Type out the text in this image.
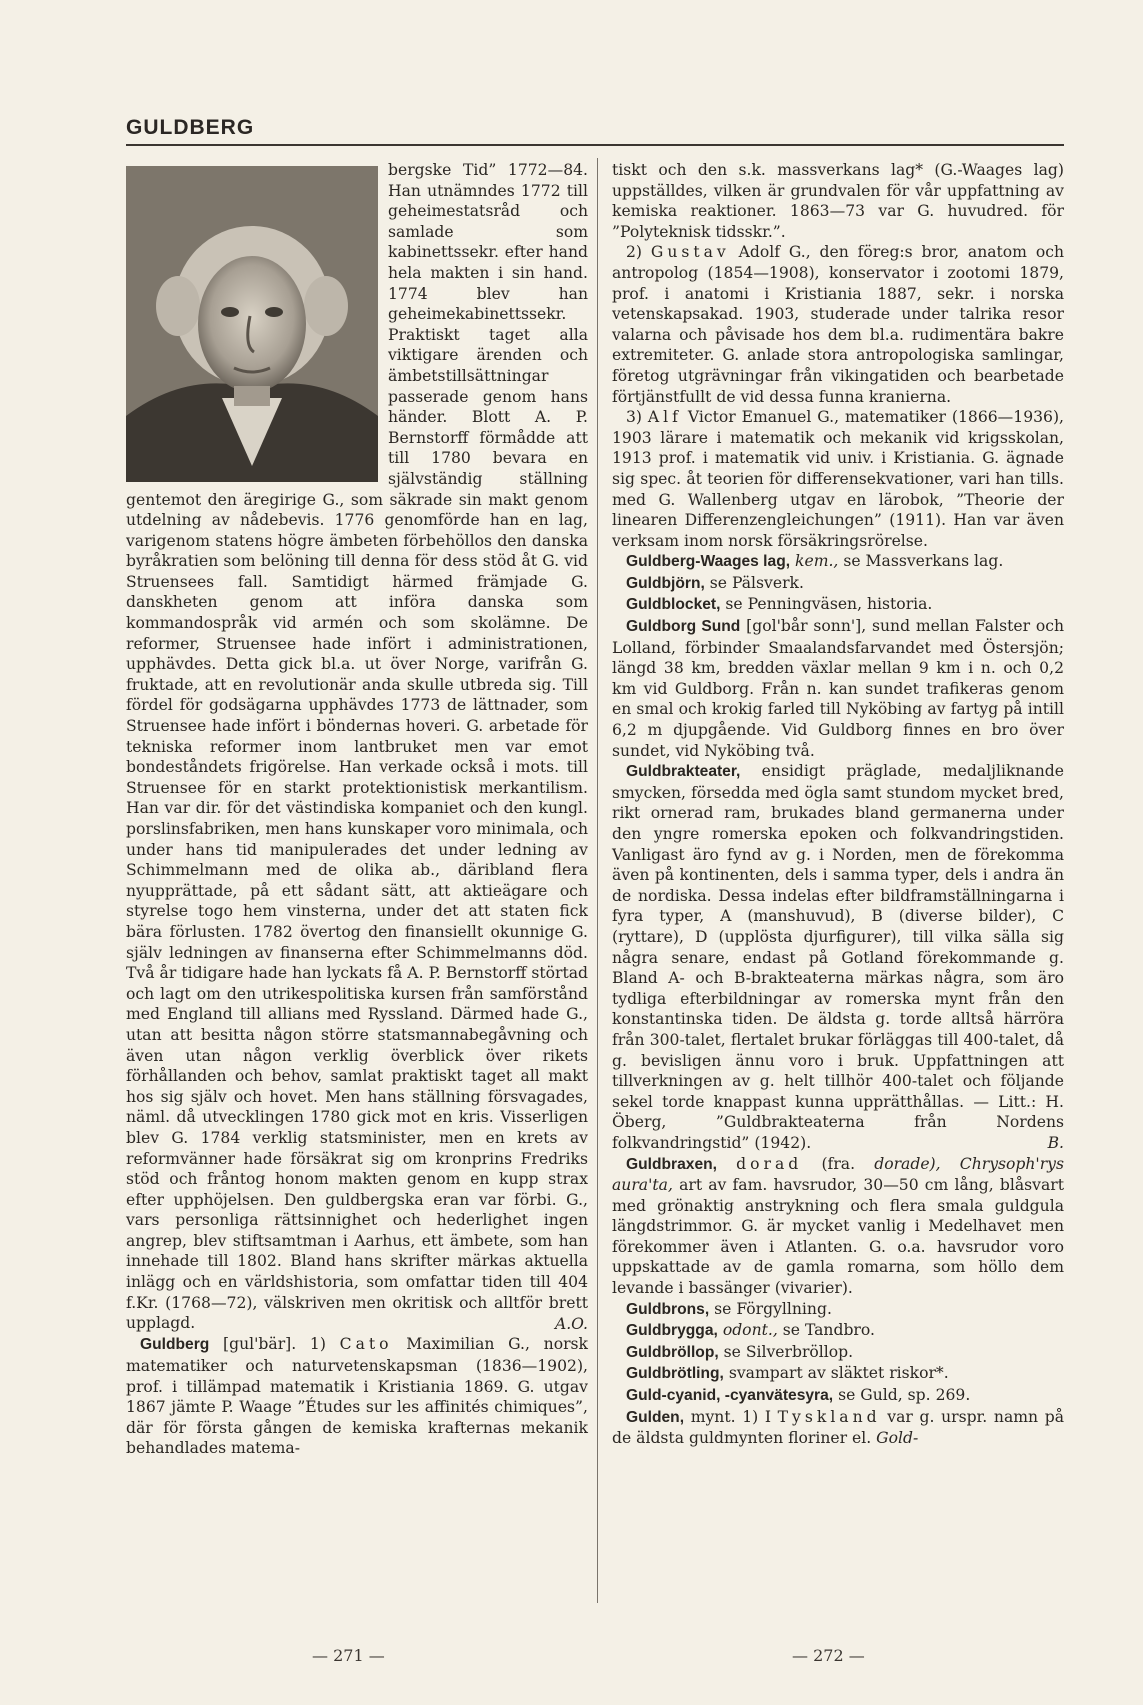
GULDBERG

bergske Tid” 1772—84. Han utnämndes 1772 till geheimestatsråd och samlade som kabinettssekr. efter hand hela makten i sin hand. 1774 blev han geheimekabinettssekr. Praktiskt taget alla viktigare ärenden och ämbetstillsättningar passerade genom hans händer. Blott A. P. Bernstorff förmådde att till 1780 bevara en självständig ställning gentemot den äregirige G., som säkrade sin makt genom utdelning av nådebevis. 1776 genomförde han en lag, varigenom statens högre ämbeten förbehöllos den danska byråkratien som belöning till denna för dess stöd åt G. vid Struensees fall. Samtidigt härmed främjade G. danskheten genom att införa danska som kommandospråk vid armén och som skolämne. De reformer, Struensee hade infört i administrationen, upphävdes. Detta gick bl.a. ut över Norge, varifrån G. fruktade, att en revolutionär anda skulle utbreda sig. Till fördel för godsägarna upphävdes 1773 de lättnader, som Struensee hade infört i böndernas hoveri. G. arbetade för tekniska reformer inom lantbruket men var emot bondeståndets frigörelse. Han verkade också i mots. till Struensee för en starkt protektionistisk merkantilism. Han var dir. för det västindiska kompaniet och den kungl. porslinsfabriken, men hans kunskaper voro minimala, och under hans tid manipulerades det under ledning av Schimmelmann med de olika ab., däribland flera nyupprättade, på ett sådant sätt, att aktieägare och styrelse togo hem vinsterna, under det att staten fick bära förlusten. 1782 övertog den finansiellt okunnige G. själv ledningen av finanserna efter Schimmelmanns död. Två år tidigare hade han lyckats få A. P. Bernstorff störtad och lagt om den utrikespolitiska kursen från samförstånd med England till allians med Ryssland. Därmed hade G., utan att besitta någon större statsmannabegåvning och även utan någon verklig överblick över rikets förhållanden och behov, samlat praktiskt taget all makt hos sig själv och hovet. Men hans ställning försvagades, näml. då utvecklingen 1780 gick mot en kris. Visserligen blev G. 1784 verklig statsminister, men en krets av reformvänner hade försäkrat sig om kronprins Fredriks stöd och fråntog honom makten genom en kupp strax efter upphöjelsen. Den guldbergska eran var förbi. G., vars personliga rättsinnighet och hederlighet ingen angrep, blev stiftsamtman i Aarhus, ett ämbete, som han innehade till 1802. Bland hans skrifter märkas aktuella inlägg och en världshistoria, som omfattar tiden till 404 f.Kr. (1768—72), välskriven men okritisk och alltför brett upplagd.	A.O.

Guldberg [gul'bär]. 1) Cato Maximilian G., norsk matematiker och naturvetenskapsman (1836—1902), prof. i tillämpad matematik i Kristiania 1869. G. utgav 1867 jämte P. Waage ”Études sur les affinités chimiques”, där för första gången de kemiska krafternas mekanik behandlades matema-

tiskt och den s.k. massverkans lag* (G.-Waages lag) uppställdes, vilken är grundvalen för vår uppfattning av kemiska reaktioner. 1863—73 var G. huvudred. för ”Polyteknisk tidsskr.”.

2) Gustav Adolf G., den föreg:s bror, anatom och antropolog (1854—1908), konservator i zootomi 1879, prof. i anatomi i Kristiania 1887, sekr. i norska vetenskapsakad. 1903, studerade under talrika resor valarna och påvisade hos dem bl.a. rudimentära bakre extremiteter. G. anlade stora antropologiska samlingar, företog utgrävningar från vikingatiden och bearbetade förtjänstfullt de vid dessa funna kranierna.

3) Alf Victor Emanuel G., matematiker (1866—1936), 1903 lärare i matematik och mekanik vid krigsskolan, 1913 prof. i matematik vid univ. i Kristiania. G. ägnade sig spec. åt teorien för differensekvationer, vari han tills. med G. Wallenberg utgav en lärobok, ”Theorie der linearen Differenzengleichungen” (1911). Han var även verksam inom norsk försäkringsrörelse.

Guldberg-Waages lag, kem., se Massverkans lag.

Guldbjörn, se Pälsverk.

Guldblocket, se Penningväsen, historia.

Guldborg Sund [gol'bår sonn'], sund mellan Falster och Lolland, förbinder Smaalandsfarvandet med Östersjön; längd 38 km, bredden växlar mellan 9 km i n. och 0,2 km vid Guldborg. Från n. kan sundet trafikeras genom en smal och krokig farled till Nyköbing av fartyg på intill 6,2 m djupgående. Vid Guldborg finnes en bro över sundet, vid Nyköbing två.

Guldbrakteater, ensidigt präglade, medaljliknande smycken, försedda med ögla samt stundom mycket bred, rikt ornerad ram, brukades bland germanerna under den yngre romerska epoken och folkvandringstiden. Vanligast äro fynd av g. i Norden, men de förekomma även på kontinenten, dels i samma typer, dels i andra än de nordiska. Dessa indelas efter bildframställningarna i fyra typer, A (manshuvud), B (diverse bilder), C (ryttare), D (upplösta djurfigurer), till vilka sälla sig några senare, endast på Gotland förekommande g. Bland A- och B-brakteaterna märkas några, som äro tydliga efterbildningar av romerska mynt från den konstantinska tiden. De äldsta g. torde alltså härröra från 300-talet, flertalet brukar förläggas till 400-talet, då g. bevisligen ännu voro i bruk. Uppfattningen att tillverkningen av g. helt tillhör 400-talet och följande sekel torde knappast kunna upprätthållas. — Litt.: H. Öberg, ”Guldbrakteaterna från Nordens folkvandringstid” (1942).	B.

Guldbraxen, dorad (fra. dorade), Chrysoph'rys aura'ta, art av fam. havsrudor, 30—50 cm lång, blåsvart med grönaktig anstrykning och flera smala guldgula längdstrimmor. G. är mycket vanlig i Medelhavet men förekommer även i Atlanten. G. o.a. havsrudor voro uppskattade av de gamla romarna, som höllo dem levande i bassänger (vivarier).

Guldbrons, se Förgyllning.

Guldbrygga, odont., se Tandbro.

Guldbröllop, se Silverbröllop.

Guldbrötling, svampart av släktet riskor*.

Guld-cyanid, -cyanvätesyra, se Guld, sp. 269.

Gulden, mynt. 1) I Tyskland var g. urspr. namn på de äldsta guldmynten floriner el. Gold-

— 271 —	— 272 —
